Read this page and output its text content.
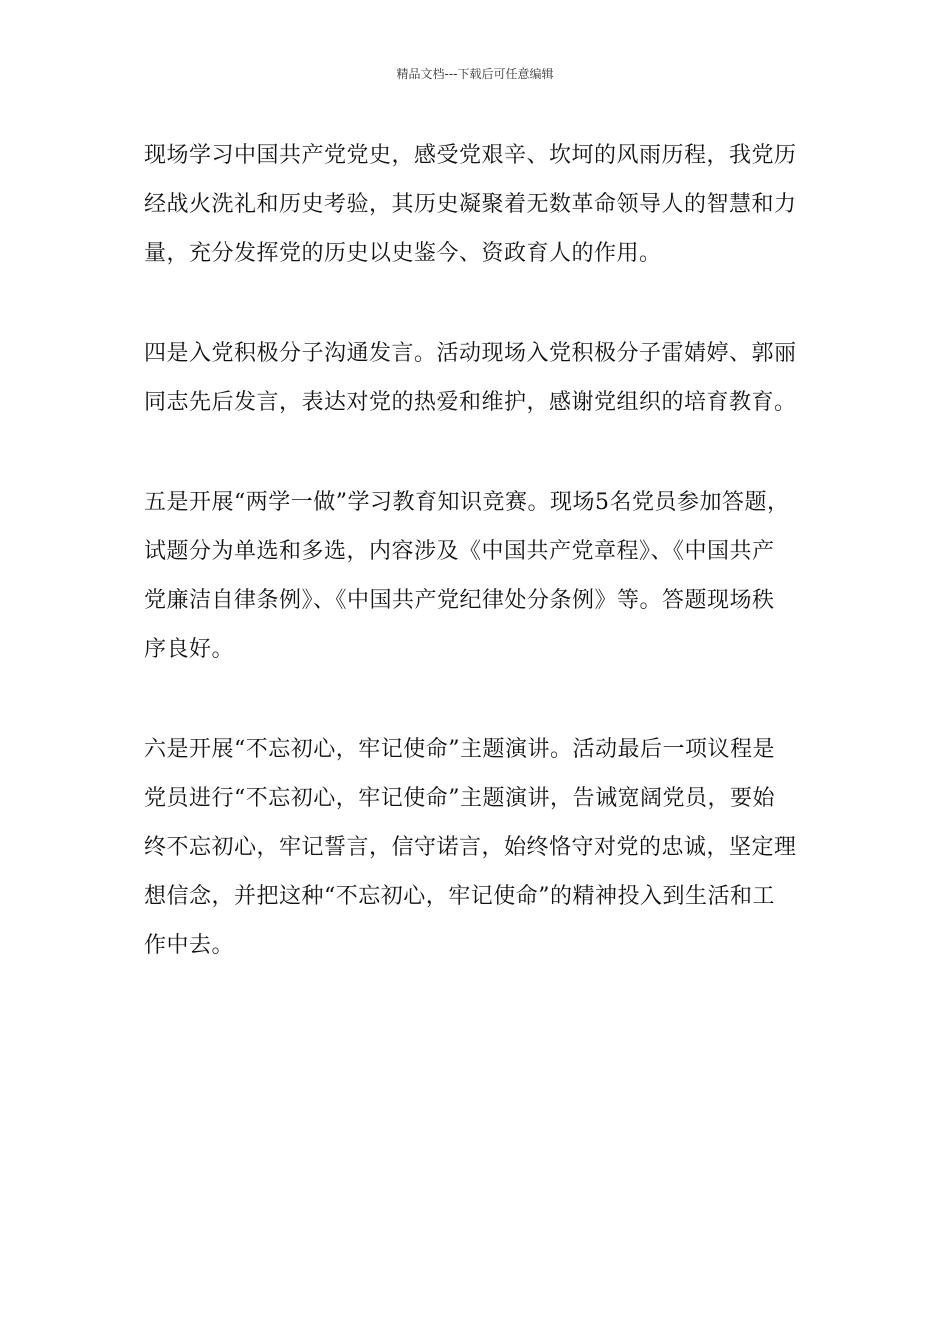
精品文档---下载后可任意编辑

现场学习中国共产党党史，感受党艰辛、坎坷的风雨历程，我党历
经战火洗礼和历史考验，其历史凝聚着无数革命领导人的智慧和力
量，充分发挥党的历史以史鉴今、资政育人的作用。

四是入党积极分子沟通发言。活动现场入党积极分子雷婧婷、郭丽
同志先后发言，表达对党的热爱和维护，感谢党组织的培育教育。

五是开展“两学一做”学习教育知识竞赛。现场5名党员参加答题，
试题分为单选和多选，内容涉及《中国共产党章程》、《中国共产
党廉洁自律条例》、《中国共产党纪律处分条例》等。答题现场秩
序良好。

六是开展“不忘初心，牢记使命”主题演讲。活动最后一项议程是
党员进行“不忘初心，牢记使命”主题演讲，告诫宽阔党员，要始
终不忘初心，牢记誓言，信守诺言，始终恪守对党的忠诚，坚定理
想信念，并把这种“不忘初心，牢记使命”的精神投入到生活和工
作中去。
